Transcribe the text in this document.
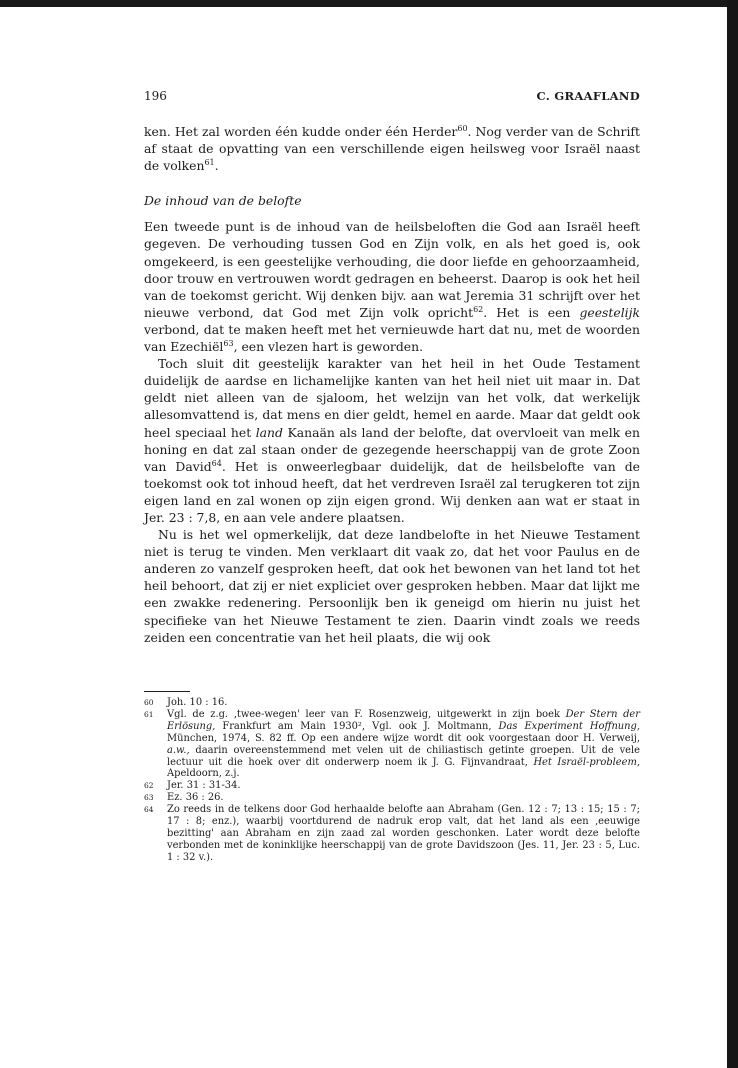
196	C. GRAAFLAND

ken. Het zal worden één kudde onder één Herder$^{60}$. Nog verder van de Schrift af staat de opvatting van een verschillende eigen heilsweg voor Israël naast de volken$^{61}$.

De inhoud van de belofte

Een tweede punt is de inhoud van de heilsbeloften die God aan Israël heeft gegeven. De verhouding tussen God en Zijn volk, en als het goed is, ook omgekeerd, is een geestelijke verhouding, die door liefde en gehoorzaamheid, door trouw en vertrouwen wordt gedragen en beheerst. Daarop is ook het heil van de toekomst gericht. Wij denken bijv. aan wat Jeremia 31 schrijft over het nieuwe verbond, dat God met Zijn volk opricht$^{62}$. Het is een geestelijk verbond, dat te maken heeft met het vernieuwde hart dat nu, met de woorden van Ezechiël$^{63}$, een vlezen hart is geworden.

Toch sluit dit geestelijk karakter van het heil in het Oude Testament duidelijk de aardse en lichamelijke kanten van het heil niet uit maar in. Dat geldt niet alleen van de sjaloom, het welzijn van het volk, dat werkelijk allesomvattend is, dat mens en dier geldt, hemel en aarde. Maar dat geldt ook heel speciaal het land Kanaän als land der belofte, dat overvloeit van melk en honing en dat zal staan onder de gezegende heerschappij van de grote Zoon van David$^{64}$. Het is onweerlegbaar duidelijk, dat de heilsbelofte van de toekomst ook tot inhoud heeft, dat het verdreven Israël zal terugkeren tot zijn eigen land en zal wonen op zijn eigen grond. Wij denken aan wat er staat in Jer. 23 : 7,8, en aan vele andere plaatsen.

Nu is het wel opmerkelijk, dat deze landbelofte in het Nieuwe Testament niet is terug te vinden. Men verklaart dit vaak zo, dat het voor Paulus en de anderen zo vanzelf gesproken heeft, dat ook het bewonen van het land tot het heil behoort, dat zij er niet expliciet over gesproken hebben. Maar dat lijkt me een zwakke redenering. Persoonlijk ben ik geneigd om hierin nu juist het specifieke van het Nieuwe Testament te zien. Daarin vindt zoals we reeds zeiden een concentratie van het heil plaats, die wij ook

60 Joh. 10 : 16.
61 Vgl. de z.g. ‚twee-wegen' leer van F. Rosenzweig, uitgewerkt in zijn boek Der Stern der Erlösung, Frankfurt am Main 1930², Vgl. ook J. Moltmann, Das Experiment Hoffnung, München, 1974, S. 82 ff. Op een andere wijze wordt dit ook voorgestaan door H. Verweij, a.w., daarin overeenstemmend met velen uit de chiliastisch getinte groepen. Uit de vele lectuur uit die hoek over dit onderwerp noem ik J. G. Fijnvandraat, Het Israël-probleem, Apeldoorn, z.j.
62 Jer. 31 : 31-34.
63 Ez. 36 : 26.
64 Zo reeds in de telkens door God herhaalde belofte aan Abraham (Gen. 12 : 7; 13 : 15; 15 : 7; 17 : 8; enz.), waarbij voortdurend de nadruk erop valt, dat het land als een ‚eeuwige bezitting' aan Abraham en zijn zaad zal worden geschonken. Later wordt deze belofte verbonden met de koninklijke heerschappij van de grote Davidszoon (Jes. 11, Jer. 23 : 5, Luc. 1 : 32 v.).
